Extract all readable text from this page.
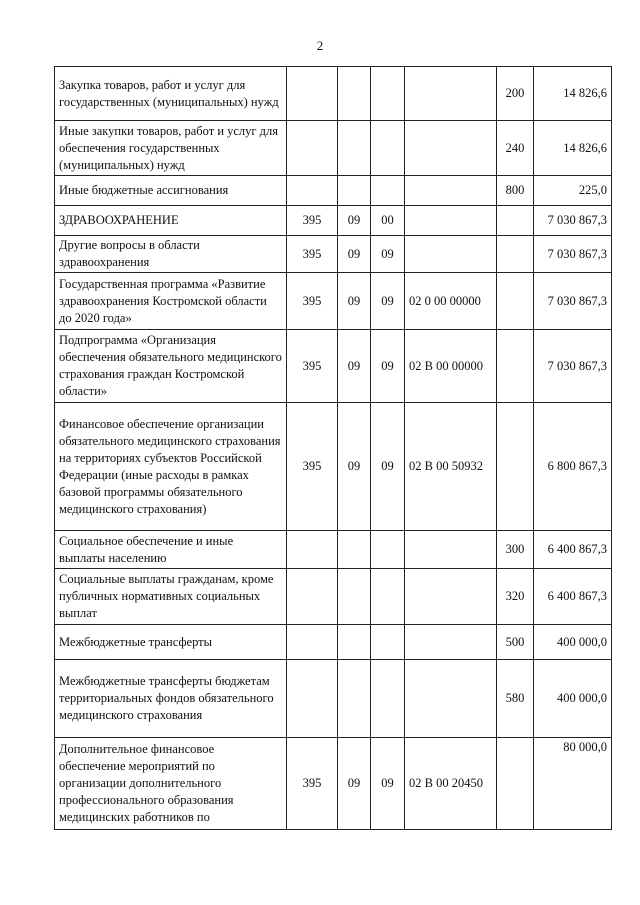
2
Закупка товаров, работ и услуг для государственных (муниципальных) нужд					200	14 826,6
Иные закупки товаров, работ и услуг для обеспечения государственных (муниципальных) нужд					240	14 826,6
Иные бюджетные ассигнования					800	225,0
ЗДРАВООХРАНЕНИЕ	395	09	00			7 030 867,3
Другие вопросы в области здравоохранения	395	09	09			7 030 867,3
Государственная программа «Развитие здравоохранения Костромской области до 2020 года»	395	09	09	02 0 00 00000		7 030 867,3
Подпрограмма «Организация обеспечения обязательного медицинского страхования граждан Костромской области»	395	09	09	02 В 00 00000		7 030 867,3
Финансовое обеспечение организации обязательного медицинского страхования на территориях субъектов Российской Федерации (иные расходы в рамках базовой программы обязательного медицинского страхования)	395	09	09	02 В 00 50932		6 800 867,3
Социальное обеспечение и иные выплаты населению					300	6 400 867,3
Социальные выплаты гражданам, кроме публичных нормативных социальных выплат					320	6 400 867,3
Межбюджетные трансферты					500	400 000,0
Межбюджетные трансферты бюджетам территориальных фондов обязательного медицинского страхования					580	400 000,0
Дополнительное финансовое обеспечение мероприятий по организации дополнительного профессионального образования медицинских работников по	395	09	09	02 В 00 20450		80 000,0
